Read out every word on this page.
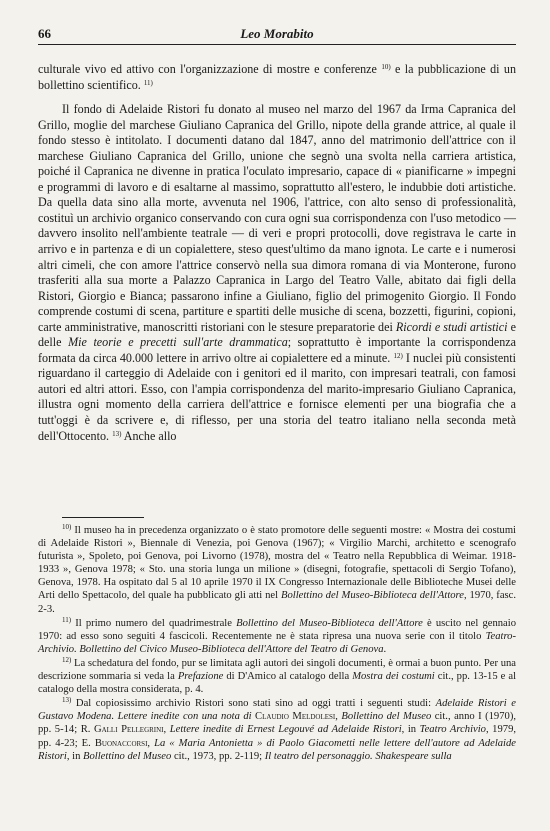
66	Leo Morabito

culturale vivo ed attivo con l'organizzazione di mostre e conferenze $^{10)}$ e la pubblicazione di un bollettino scientifico. $^{11)}$

Il fondo di Adelaide Ristori fu donato al museo nel marzo del 1967 da Irma Capranica del Grillo, moglie del marchese Giuliano Capranica del Grillo, nipote della grande attrice, al quale il fondo stesso è intitolato. I documenti datano dal 1847, anno del matrimonio dell'attrice con il marchese Giuliano Capranica del Grillo, unione che segnò una svolta nella carriera artistica, poiché il Capranica ne divenne in pratica l'oculato impresario, capace di « pianificarne » impegni e programmi di lavoro e di esaltarne al massimo, soprattutto all'estero, le indubbie doti artistiche. Da quella data sino alla morte, avvenuta nel 1906, l'attrice, con alto senso di professionalità, costituì un archivio organico conservando con cura ogni sua corrispondenza con l'uso metodico — davvero insolito nell'ambiente teatrale — di veri e propri protocolli, dove registrava le carte in arrivo e in partenza e di un copialettere, steso quest'ultimo da mano ignota. Le carte e i numerosi altri cimeli, che con amore l'attrice conservò nella sua dimora romana di via Monterone, furono trasferiti alla sua morte a Palazzo Capranica in Largo del Teatro Valle, abitato dai figli della Ristori, Giorgio e Bianca; passarono infine a Giuliano, figlio del primogenito Giorgio. Il Fondo comprende costumi di scena, partiture e spartiti delle musiche di scena, bozzetti, figurini, copioni, carte amministrative, manoscritti ristoriani con le stesure preparatorie dei Ricordi e studi artistici e delle Mie teorie e precetti sull'arte drammatica; soprattutto è importante la corrispondenza formata da circa 40.000 lettere in arrivo oltre ai copialettere ed a minute. $^{12)}$ I nuclei più consistenti riguardano il carteggio di Adelaide con i genitori ed il marito, con impresari teatrali, con famosi autori ed altri attori. Esso, con l'ampia corrispondenza del marito-impresario Giuliano Capranica, illustra ogni momento della carriera dell'attrice e fornisce elementi per una biografia che a tutt'oggi è da scrivere e, di riflesso, per una storia del teatro italiano nella seconda metà dell'Ottocento. $^{13)}$ Anche allo

$^{10)}$ Il museo ha in precedenza organizzato o è stato promotore delle seguenti mostre: « Mostra dei costumi di Adelaide Ristori », Biennale di Venezia, poi Genova (1967); « Virgilio Marchi, architetto e scenografo futurista », Spoleto, poi Genova, poi Livorno (1978), mostra del « Teatro nella Repubblica di Weimar. 1918-1933 », Genova 1978; « Sto. una storia lunga un milione » (disegni, fotografie, spettacoli di Sergio Tofano), Genova, 1978. Ha ospitato dal 5 al 10 aprile 1970 il IX Congresso Internazionale delle Biblioteche Musei delle Arti dello Spettacolo, del quale ha pubblicato gli atti nel Bollettino del Museo-Biblioteca dell'Attore, 1970, fasc. 2-3.

$^{11)}$ Il primo numero del quadrimestrale Bollettino del Museo-Biblioteca dell'Attore è uscito nel gennaio 1970: ad esso sono seguiti 4 fascicoli. Recentemente ne è stata ripresa una nuova serie con il titolo Teatro-Archivio. Bollettino del Civico Museo-Biblioteca dell'Attore del Teatro di Genova.

$^{12)}$ La schedatura del fondo, pur se limitata agli autori dei singoli documenti, è ormai a buon punto. Per una descrizione sommaria si veda la Prefazione di D'Amico al catalogo della Mostra dei costumi cit., pp. 13-15 e al catalogo della mostra considerata, p. 4.

$^{13)}$ Dal copiosissimo archivio Ristori sono stati sino ad oggi tratti i seguenti studi: Adelaide Ristori e Gustavo Modena. Lettere inedite con una nota di Claudio Meldolesi, Bollettino del Museo cit., anno I (1970), pp. 5-14; R. Galli Pellegrini, Lettere inedite di Ernest Legouvé ad Adelaide Ristori, in Teatro Archivio, 1979, pp. 4-23; E. Buonaccorsi, La « Maria Antonietta » di Paolo Giacometti nelle lettere dell'autore ad Adelaide Ristori, in Bollettino del Museo cit., 1973, pp. 2-119; Il teatro del personaggio. Shakespeare sulla
